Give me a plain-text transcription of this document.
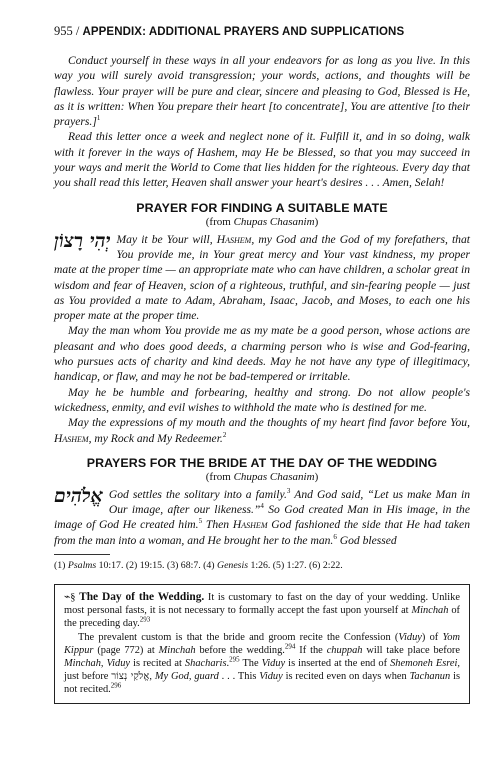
955 / APPENDIX: ADDITIONAL PRAYERS AND SUPPLICATIONS

Conduct yourself in these ways in all your endeavors for as long as you live. In this way you will surely avoid transgression; your words, actions, and thoughts will be flawless. Your prayer will be pure and clear, sincere and pleasing to God, Blessed is He, as it is written: When You prepare their heart [to concentrate], You are attentive [to their prayers.]$^1$

Read this letter once a week and neglect none of it. Fulfill it, and in so doing, walk with it forever in the ways of Hashem, may He be Blessed, so that you may succeed in your ways and merit the World to Come that lies hidden for the righteous. Every day that you shall read this letter, Heaven shall answer your heart's desires . . . Amen, Selah!

PRAYER FOR FINDING A SUITABLE MATE
(from Chupas Chasanim)

יְהִי רָצוֹן May it be Your will, Hashem, my God and the God of my forefathers, that You provide me, in Your great mercy and Your vast kindness, my proper mate at the proper time — an appropriate mate who can have children, a scholar great in wisdom and fear of Heaven, scion of a righteous, truthful, and sin-fearing people — just as You provided a mate to Adam, Abraham, Isaac, Jacob, and Moses, to each one his proper mate at the proper time.

May the man whom You provide me as my mate be a good person, whose actions are pleasant and who does good deeds, a charming person who is wise and God-fearing, who pursues acts of charity and kind deeds. May he not have any type of illegitimacy, handicap, or flaw, and may he not be bad-tempered or irritable.

May he be humble and forbearing, healthy and strong. Do not allow people's wickedness, enmity, and evil wishes to withhold the mate who is destined for me.

May the expressions of my mouth and the thoughts of my heart find favor before You, Hashem, my Rock and My Redeemer.$^2$

PRAYERS FOR THE BRIDE AT THE DAY OF THE WEDDING
(from Chupas Chasanim)

אֱלֹהִים God settles the solitary into a family.$^3$ And God said, “Let us make Man in Our image, after our likeness.”$^4$ So God created Man in His image, in the image of God He created him.$^5$ Then Hashem God fashioned the side that He had taken from the man into a woman, and He brought her to the man.$^6$ God blessed

(1) Psalms 10:17. (2) 19:15. (3) 68:7. (4) Genesis 1:26. (5) 1:27. (6) 2:22.

⌁§ The Day of the Wedding. It is customary to fast on the day of your wedding. Unlike most personal fasts, it is not necessary to formally accept the fast upon yourself at Minchah of the preceding day.$^{293}$

The prevalent custom is that the bride and groom recite the Confession (Viduy) of Yom Kippur (page 772) at Minchah before the wedding.$^{294}$ If the chuppah will take place before Minchah, Viduy is recited at Shacharis.$^{295}$ The Viduy is inserted at the end of Shemoneh Esrei, just before אֱלֹקַי נְצוֹר, My God, guard . . . This Viduy is recited even on days when Tachanun is not recited.$^{296}$
